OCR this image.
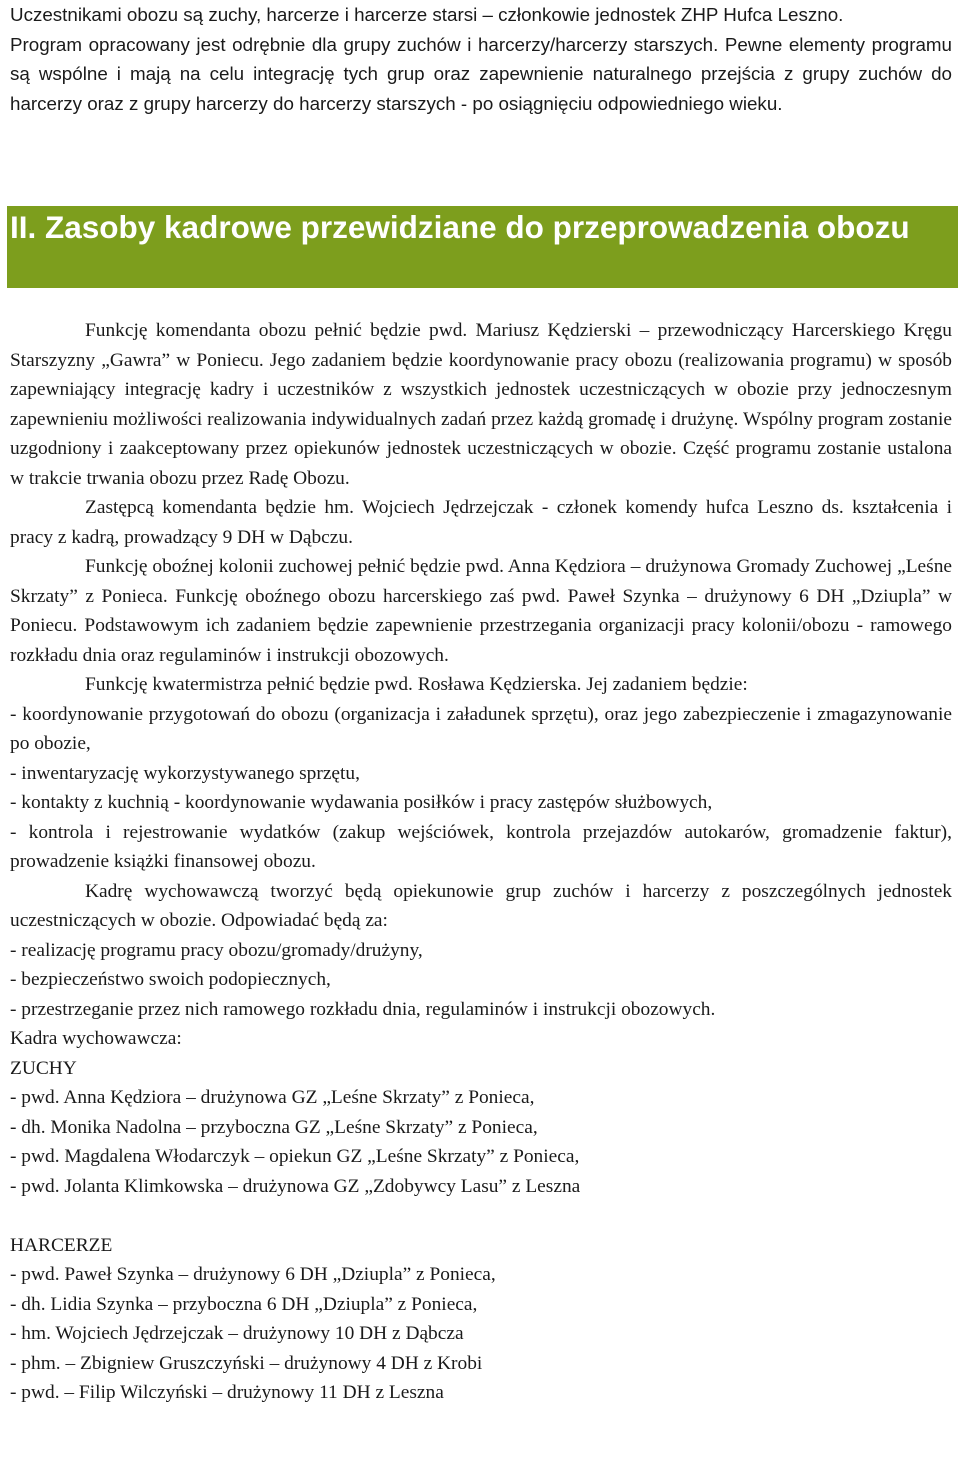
Uczestnikami obozu są zuchy, harcerze i harcerze starsi – członkowie jednostek ZHP Hufca Leszno.

Program opracowany jest odrębnie dla grupy zuchów i harcerzy/harcerzy starszych. Pewne elementy programu są wspólne i mają na celu integrację tych grup oraz zapewnienie naturalnego przejścia z grupy zuchów do harcerzy oraz z grupy harcerzy do harcerzy starszych - po osiągnięciu odpowiedniego wieku.

II. Zasoby kadrowe przewidziane do przeprowadzenia obozu

Funkcję komendanta obozu pełnić będzie pwd. Mariusz Kędzierski – przewodniczący Harcerskiego Kręgu Starszyzny „Gawra” w Poniecu. Jego zadaniem będzie koordynowanie pracy obozu (realizowania programu) w sposób zapewniający integrację kadry i uczestników z wszystkich jednostek uczestniczących w obozie przy jednoczesnym zapewnieniu możliwości realizowania indywidualnych zadań przez każdą gromadę i drużynę. Wspólny program zostanie uzgodniony i zaakceptowany przez opiekunów jednostek uczestniczących w obozie. Część programu zostanie ustalona w trakcie trwania obozu przez Radę Obozu.

Zastępcą komendanta będzie hm. Wojciech Jędrzejczak - członek komendy hufca Leszno ds. kształcenia i pracy z kadrą, prowadzący 9 DH w Dąbczu.

Funkcję oboźnej kolonii zuchowej pełnić będzie pwd. Anna Kędziora – drużynowa Gromady Zuchowej „Leśne Skrzaty” z Poniecа. Funkcję oboźnego obozu harcerskiego zaś pwd. Paweł Szynka – drużynowy 6 DH „Dziupla” w Poniecu. Podstawowym ich zadaniem będzie zapewnienie przestrzegania organizacji pracy kolonii/obozu - ramowego rozkładu dnia oraz regulaminów i instrukcji obozowych.

Funkcję kwatermistrza pełnić będzie pwd. Rosława Kędzierska. Jej zadaniem będzie:

- koordynowanie przygotowań do obozu (organizacja i załadunek sprzętu), oraz jego zabezpieczenie i zmagazynowanie po obozie,

- inwentaryzację wykorzystywanego sprzętu,

- kontakty z kuchnią - koordynowanie wydawania posiłków i pracy zastępów służbowych,

- kontrola i rejestrowanie wydatków (zakup wejściówek, kontrola przejazdów autokarów, gromadzenie faktur), prowadzenie książki finansowej obozu.

Kadrę wychowawczą tworzyć będą opiekunowie grup zuchów i harcerzy z poszczególnych jednostek uczestniczących w obozie. Odpowiadać będą za:

- realizację programu pracy obozu/gromady/drużyny,

- bezpieczeństwo swoich podopiecznych,

- przestrzeganie przez nich ramowego rozkładu dnia, regulaminów i instrukcji obozowych.

Kadra wychowawcza:

ZUCHY

- pwd. Anna Kędziora – drużynowa GZ „Leśne Skrzaty” z Poniecа,

- dh. Monika Nadolna – przyboczna GZ „Leśne Skrzaty” z Poniecа,

- pwd. Magdalena Włodarczyk – opiekun GZ „Leśne Skrzaty” z Poniecа,

- pwd. Jolanta Klimkowska – drużynowa GZ „Zdobywcy Lasu” z Leszna

HARCERZE

- pwd. Paweł Szynka – drużynowy 6 DH „Dziupla” z Poniecа,

- dh. Lidia Szynka – przyboczna 6 DH „Dziupla” z Poniecа,

- hm. Wojciech Jędrzejczak – drużynowy 10 DH z Dąbcza

- phm. – Zbigniew Gruszczyński – drużynowy 4 DH z Krobi

- pwd. – Filip Wilczyński – drużynowy 11 DH z Leszna
